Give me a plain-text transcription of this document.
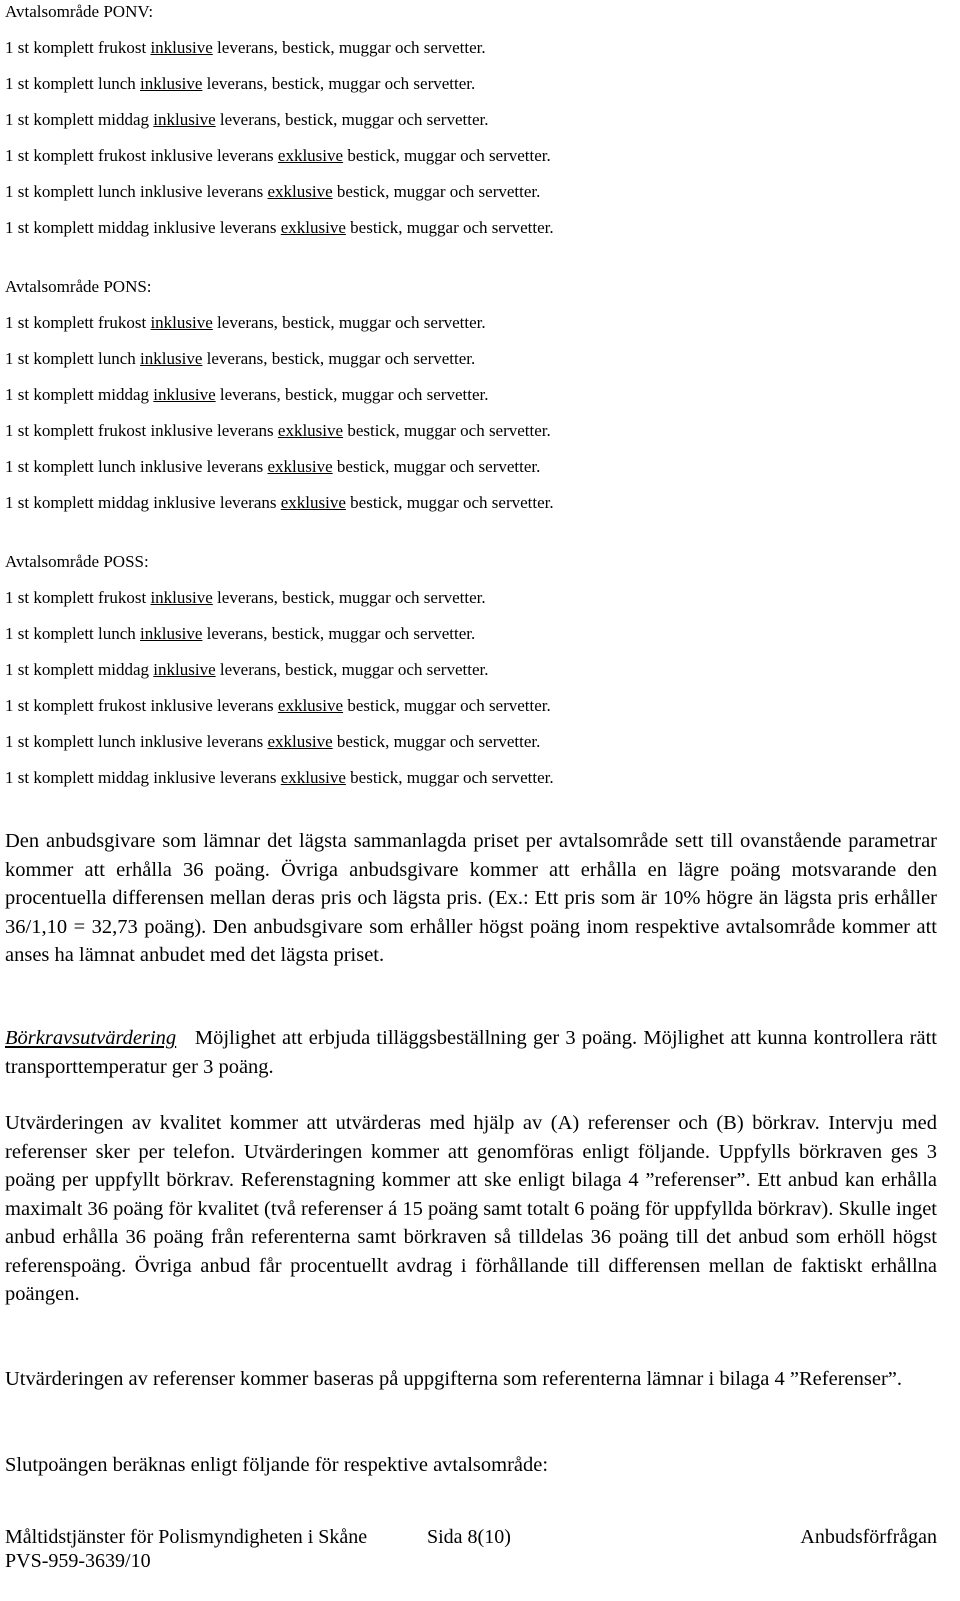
Avtalsområde PONV:

1 st komplett frukost inklusive leverans, bestick, muggar och servetter.

1 st komplett lunch inklusive leverans, bestick, muggar och servetter.

1 st komplett middag inklusive leverans, bestick, muggar och servetter.

1 st komplett frukost inklusive leverans exklusive bestick, muggar och servetter.

1 st komplett lunch inklusive leverans exklusive bestick, muggar och servetter.

1 st komplett middag inklusive leverans exklusive bestick, muggar och servetter.

Avtalsområde PONS:

1 st komplett frukost inklusive leverans, bestick, muggar och servetter.

1 st komplett lunch inklusive leverans, bestick, muggar och servetter.

1 st komplett middag inklusive leverans, bestick, muggar och servetter.

1 st komplett frukost inklusive leverans exklusive bestick, muggar och servetter.

1 st komplett lunch inklusive leverans exklusive bestick, muggar och servetter.

1 st komplett middag inklusive leverans exklusive bestick, muggar och servetter.

Avtalsområde POSS:

1 st komplett frukost inklusive leverans, bestick, muggar och servetter.

1 st komplett lunch inklusive leverans, bestick, muggar och servetter.

1 st komplett middag inklusive leverans, bestick, muggar och servetter.

1 st komplett frukost inklusive leverans exklusive bestick, muggar och servetter.

1 st komplett lunch inklusive leverans exklusive bestick, muggar och servetter.

1 st komplett middag inklusive leverans exklusive bestick, muggar och servetter.

Den anbudsgivare som lämnar det lägsta sammanlagda priset per avtalsområde sett till ovanstående parametrar kommer att erhålla 36 poäng. Övriga anbudsgivare kommer att erhålla en lägre poäng motsvarande den procentuella differensen mellan deras pris och lägsta pris. (Ex.: Ett pris som är 10% högre än lägsta pris erhåller 36/1,10 = 32,73 poäng). Den anbudsgivare som erhåller högst poäng inom respektive avtalsområde kommer att anses ha lämnat anbudet med det lägsta priset.

Börkravsutvärdering Möjlighet att erbjuda tilläggsbeställning ger 3 poäng. Möjlighet att kunna kontrollera rätt transporttemperatur ger 3 poäng.

Utvärderingen av kvalitet kommer att utvärderas med hjälp av (A) referenser och (B) börkrav. Intervju med referenser sker per telefon. Utvärderingen kommer att genomföras enligt följande. Uppfylls börkraven ges 3 poäng per uppfyllt börkrav. Referenstagning kommer att ske enligt bilaga 4 ”referenser”. Ett anbud kan erhålla maximalt 36 poäng för kvalitet (två referenser á 15 poäng samt totalt 6 poäng för uppfyllda börkrav). Skulle inget anbud erhålla 36 poäng från referenterna samt börkraven så tilldelas 36 poäng till det anbud som erhöll högst referenspoäng. Övriga anbud får procentuellt avdrag i förhållande till differensen mellan de faktiskt erhållna poängen.

Utvärderingen av referenser kommer baseras på uppgifterna som referenterna lämnar i bilaga 4 ”Referenser”.

Slutpoängen beräknas enligt följande för respektive avtalsområde:

Måltidstjänster för Polismyndigheten i Skåne	Sida 8(10)	Anbudsförfrågan
PVS-959-3639/10
